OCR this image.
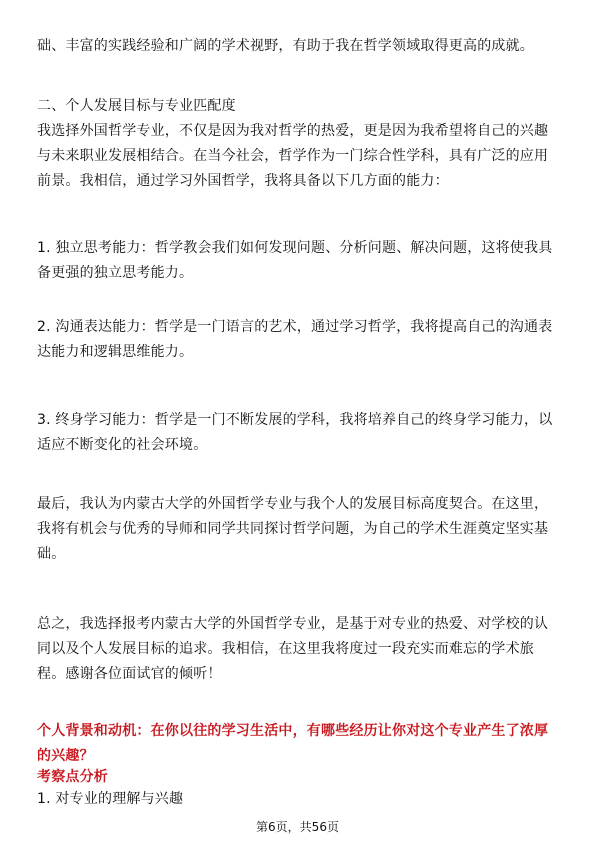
础、丰富的实践经验和广阔的学术视野，有助于我在哲学领域取得更高的成就。
二、个人发展目标与专业匹配度
我选择外国哲学专业，不仅是因为我对哲学的热爱，更是因为我希望将自己的兴趣与未来职业发展相结合。在当今社会，哲学作为一门综合性学科，具有广泛的应用前景。我相信，通过学习外国哲学，我将具备以下几方面的能力：
1. 独立思考能力：哲学教会我们如何发现问题、分析问题、解决问题，这将使我具备更强的独立思考能力。
2. 沟通表达能力：哲学是一门语言的艺术，通过学习哲学，我将提高自己的沟通表达能力和逻辑思维能力。
3. 终身学习能力：哲学是一门不断发展的学科，我将培养自己的终身学习能力，以适应不断变化的社会环境。
最后，我认为内蒙古大学的外国哲学专业与我个人的发展目标高度契合。在这里，我将有机会与优秀的导师和同学共同探讨哲学问题，为自己的学术生涯奠定坚实基础。
总之，我选择报考内蒙古大学的外国哲学专业，是基于对专业的热爱、对学校的认同以及个人发展目标的追求。我相信，在这里我将度过一段充实而难忘的学术旅程。感谢各位面试官的倾听！
个人背景和动机：在你以往的学习生活中，有哪些经历让你对这个专业产生了浓厚的兴趣？
考察点分析
1. 对专业的理解与兴趣
第6页，共56页
